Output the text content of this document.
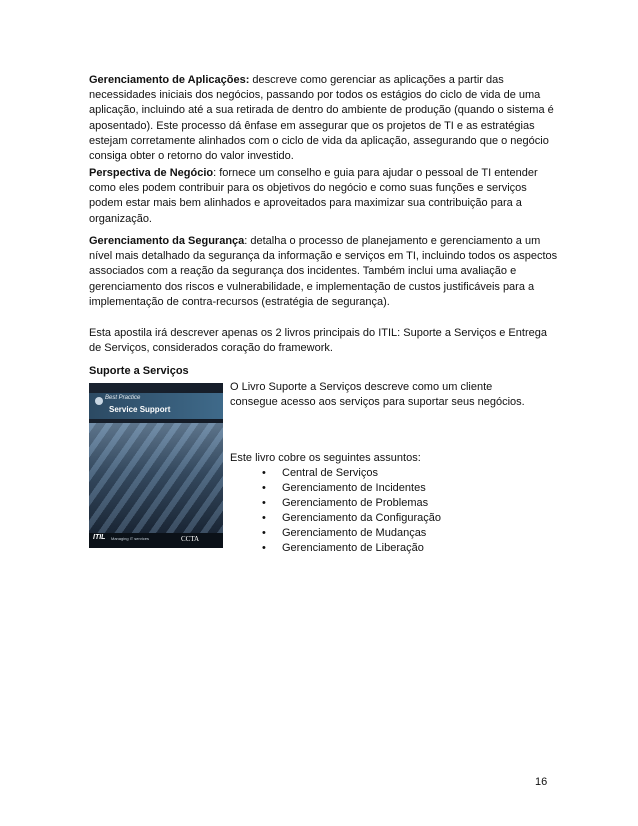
Gerenciamento de Aplicações: descreve como gerenciar as aplicações a partir das necessidades iniciais dos negócios, passando por todos os estágios do ciclo de vida de uma aplicação, incluindo até a sua retirada de dentro do ambiente de produção (quando o sistema é aposentado). Este processo dá ênfase em assegurar que os projetos de TI e as estratégias estejam corretamente alinhados com o ciclo de vida da aplicação, assegurando que o negócio consiga obter o retorno do valor investido.

Perspectiva de Negócio: fornece um conselho e guia para ajudar o pessoal de TI entender como eles podem contribuir para os objetivos do negócio e como suas funções e serviços podem estar mais bem alinhados e aproveitados para maximizar sua contribuição para a organização.

Gerenciamento da Segurança: detalha o processo de planejamento e gerenciamento a um nível mais detalhado da segurança da informação e serviços em TI, incluindo todos os aspectos associados com a reação da segurança dos incidentes. Também inclui uma avaliação e gerenciamento dos riscos e vulnerabilidade, e implementação de custos justificáveis para a implementação de contra-recursos (estratégia de segurança).

Esta apostila irá descrever apenas os 2 livros principais do ITIL: Suporte a Serviços e Entrega de Serviços, considerados coração do framework.

Suporte a Serviços
Best Practice
Service Support
ITIL Managing IT services	CCTA

O Livro Suporte a Serviços descreve como um cliente consegue acesso aos serviços para suportar seus negócios.

Este livro cobre os seguintes assuntos:

• Central de Serviços
• Gerenciamento de Incidentes
• Gerenciamento de Problemas
• Gerenciamento da Configuração
• Gerenciamento de Mudanças
• Gerenciamento de Liberação
16
